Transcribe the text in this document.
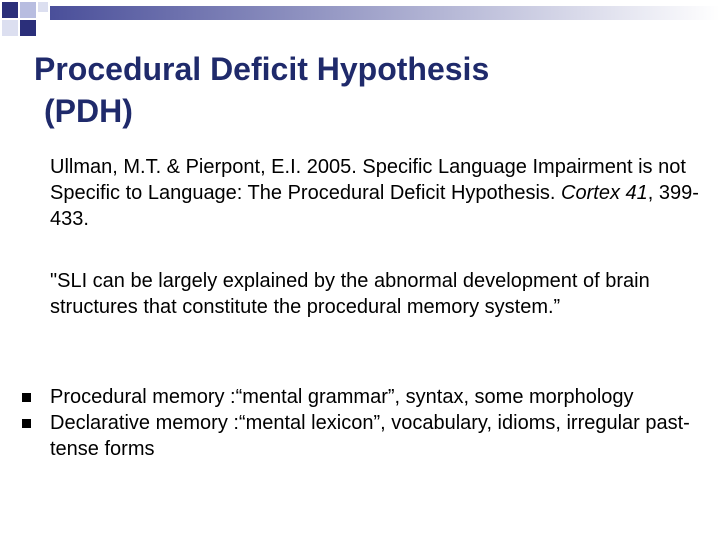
Procedural Deficit Hypothesis
(PDH)

Ullman, M.T. & Pierpont, E.I. 2005. Specific Language Impairment is not Specific to Language: The Procedural Deficit Hypothesis. Cortex 41, 399-433.

"SLI can be largely explained by the abnormal development of brain structures that constitute the procedural memory system.”

Procedural memory :“mental grammar”, syntax, some morphology
Declarative memory :“mental lexicon”, vocabulary, idioms, irregular past-tense forms
